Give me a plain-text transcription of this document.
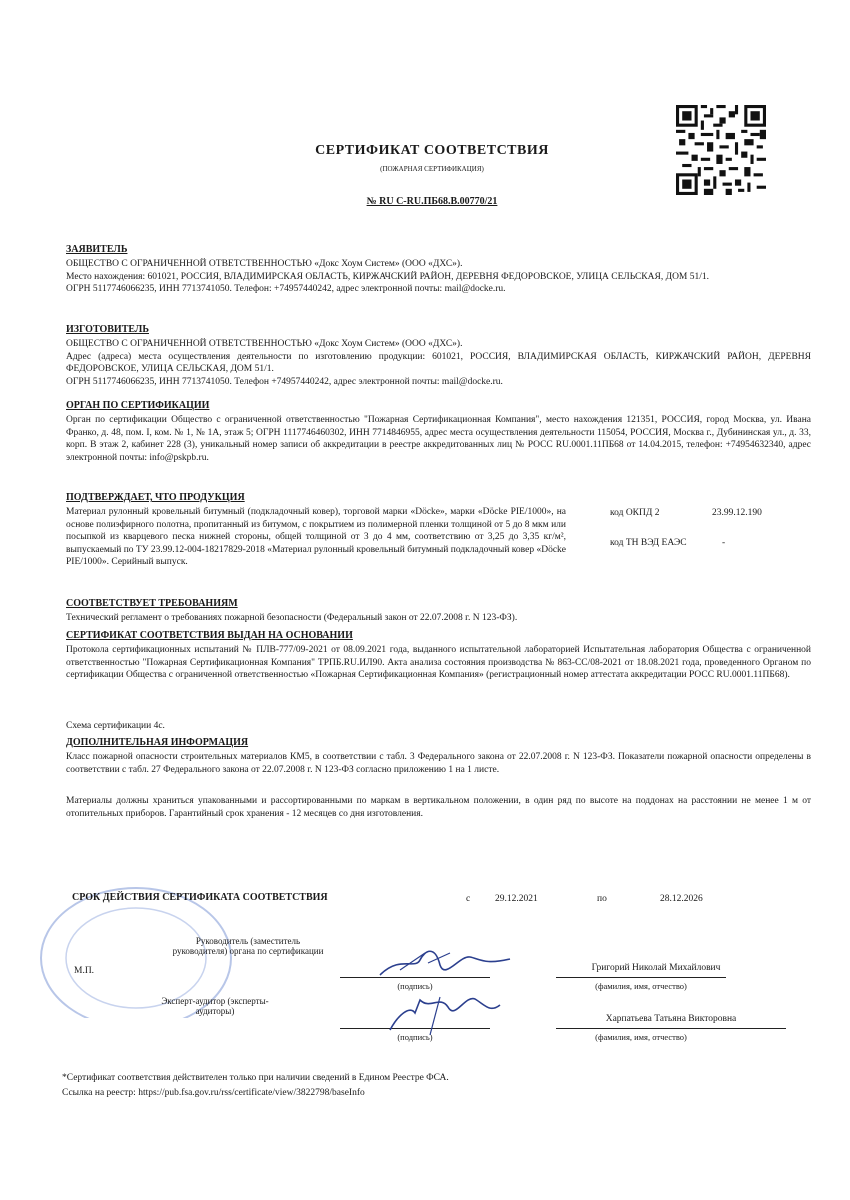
СЕРТИФИКАТ СООТВЕТСТВИЯ
(ПОЖАРНАЯ СЕРТИФИКАЦИЯ)
№ RU C-RU.ПБ68.В.00770/21
ЗАЯВИТЕЛЬ
ОБЩЕСТВО С ОГРАНИЧЕННОЙ ОТВЕТСТВЕННОСТЬЮ «Докс Хоум Систем» (ООО «ДХС»).
Место нахождения: 601021, РОССИЯ, ВЛАДИМИРСКАЯ ОБЛАСТЬ, КИРЖАЧСКИЙ РАЙОН, ДЕРЕВНЯ ФЕДОРОВСКОЕ, УЛИЦА СЕЛЬСКАЯ, ДОМ 51/1.
ОГРН 5117746066235, ИНН 7713741050. Телефон: +74957440242, адрес электронной почты: mail@docke.ru.
ИЗГОТОВИТЕЛЬ
ОБЩЕСТВО С ОГРАНИЧЕННОЙ ОТВЕТСТВЕННОСТЬЮ «Докс Хоум Систем» (ООО «ДХС»).
Адрес (адреса) места осуществления деятельности по изготовлению продукции: 601021, РОССИЯ, ВЛАДИМИРСКАЯ ОБЛАСТЬ, КИРЖАЧСКИЙ РАЙОН, ДЕРЕВНЯ ФЕДОРОВСКОЕ, УЛИЦА СЕЛЬСКАЯ, ДОМ 51/1.
ОГРН 5117746066235, ИНН 7713741050. Телефон +74957440242, адрес электронной почты: mail@docke.ru.
ОРГАН ПО СЕРТИФИКАЦИИ
Орган по сертификации Общество с ограниченной ответственностью "Пожарная Сертификационная Компания", место нахождения 121351, РОССИЯ, город Москва, ул. Ивана Франко, д. 48, пом. I, ком. № 1, № 1А, этаж 5; ОГРН 1117746460302, ИНН 7714846955, адрес места осуществления деятельности 115054, РОССИЯ, Москва г., Дубининская ул., д. 33, корп. В этаж 2, кабинет 228 (3), уникальный номер записи об аккредитации в реестре аккредитованных лиц № РОСС RU.0001.11ПБ68 от 14.04.2015, телефон: +74954632340, адрес электронной почты: info@pskpb.ru.
ПОДТВЕРЖДАЕТ, ЧТО ПРОДУКЦИЯ
Материал рулонный кровельный битумный (подкладочный ковер), торговой марки «Döcke», марки «Döcke PIE/1000», на основе полиэфирного полотна, пропитанный из битумом, с покрытием из полимерной пленки толщиной от 5 до 8 мкм или посыпкой из кварцевого песка нижней стороны, общей толщиной от 3 до 4 мм, соответствию от 3,25 до 3,35 кг/м², выпускаемый по ТУ 23.99.12-004-18217829-2018 «Материал рулонный кровельный битумный подкладочный ковер «Döcke PIE/1000». Серийный выпуск.
код ОКПД 2	23.99.12.190
код ТН ВЭД ЕАЭС	-
СООТВЕТСТВУЕТ ТРЕБОВАНИЯМ
Технический регламент о требованиях пожарной безопасности (Федеральный закон от 22.07.2008 г. N 123-ФЗ).
СЕРТИФИКАТ СООТВЕТСТВИЯ ВЫДАН НА ОСНОВАНИИ
Протокола сертификационных испытаний № ПЛВ-777/09-2021 от 08.09.2021 года, выданного испытательной лабораторией Испытательная лаборатория Общества с ограниченной ответственностью "Пожарная Сертификационная Компания" ТРПБ.RU.ИЛ90. Акта анализа состояния производства № 863-СС/08-2021 от 18.08.2021 года, проведенного Органом по сертификации Общества с ограниченной ответственностью «Пожарная Сертификационная Компания» (регистрационный номер аттестата аккредитации РОСС RU.0001.11ПБ68).
Схема сертификации 4с.
ДОПОЛНИТЕЛЬНАЯ ИНФОРМАЦИЯ
Класс пожарной опасности строительных материалов КМ5, в соответствии с табл. 3 Федерального закона от 22.07.2008 г. N 123-ФЗ. Показатели пожарной опасности определены в соответствии с табл. 27 Федерального закона от 22.07.2008 г. N 123-ФЗ согласно приложению 1 на 1 листе.
Материалы должны храниться упакованными и рассортированными по маркам в вертикальном положении, в один ряд по высоте на поддонах на расстоянии не менее 1 м от отопительных приборов. Гарантийный срок хранения - 12 месяцев со дня изготовления.
СРОК ДЕЙСТВИЯ СЕРТИФИКАТА СООТВЕТСТВИЯ	с	29.12.2021	по	28.12.2026
Руководитель (заместитель руководителя) органа по сертификации
М.П.
(подпись)
Григорий Николай Михайлович
(фамилия, имя, отчество)
Эксперт-аудитор (эксперты-аудиторы)
(подпись)
Харпатьева Татьяна Викторовна
(фамилия, имя, отчество)
*Сертификат соответствия действителен только при наличии сведений в Едином Реестре ФСА.
Ссылка на реестр: https://pub.fsa.gov.ru/rss/certificate/view/3822798/baseInfo
